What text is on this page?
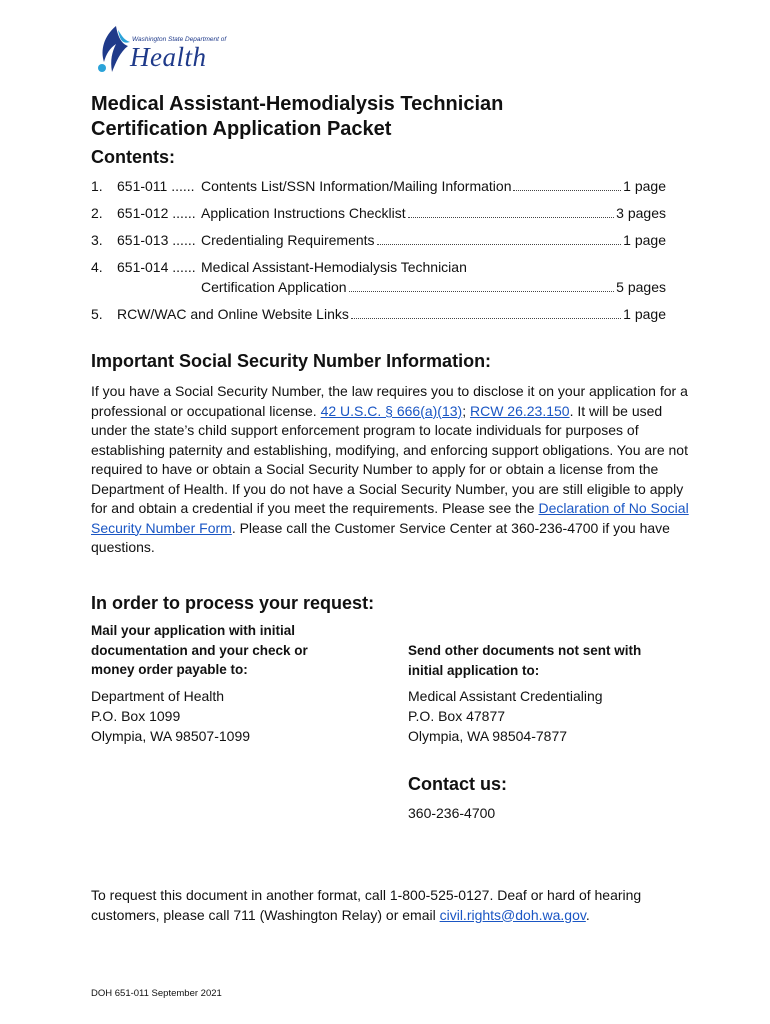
Washington State Department of
Health
Medical Assistant-Hemodialysis Technician
Certification Application Packet
Contents:
1.	651-011 ...... Contents List/SSN Information/Mailing Information	1 page
2.	651-012 ...... Application Instructions Checklist	3 pages
3.	651-013 ...... Credentialing Requirements	1 page
4.	651-014 ...... Medical Assistant-Hemodialysis Technician
Certification Application	5 pages
5.	RCW/WAC and Online Website Links	1 page
Important Social Security Number Information:
If you have a Social Security Number, the law requires you to disclose it on your application for a professional or occupational license. 42 U.S.C. § 666(a)(13); RCW 26.23.150. It will be used under the state’s child support enforcement program to locate individuals for purposes of establishing paternity and establishing, modifying, and enforcing support obligations. You are not required to have or obtain a Social Security Number to apply for or obtain a license from the Department of Health. If you do not have a Social Security Number, you are still eligible to apply for and obtain a credential if you meet the requirements. Please see the Declaration of No Social Security Number Form. Please call the Customer Service Center at 360-236-4700 if you have questions.
In order to process your request:
Mail your application with initial documentation and your check or money order payable to:
Send other documents not sent with initial application to:
Department of Health
P.O. Box 1099
Olympia, WA 98507-1099
Medical Assistant Credentialing
P.O. Box 47877
Olympia, WA 98504-7877
Contact us:
360-236-4700
To request this document in another format, call 1-800-525-0127. Deaf or hard of hearing customers, please call 711 (Washington Relay) or email civil.rights@doh.wa.gov.
DOH 651-011 September 2021
